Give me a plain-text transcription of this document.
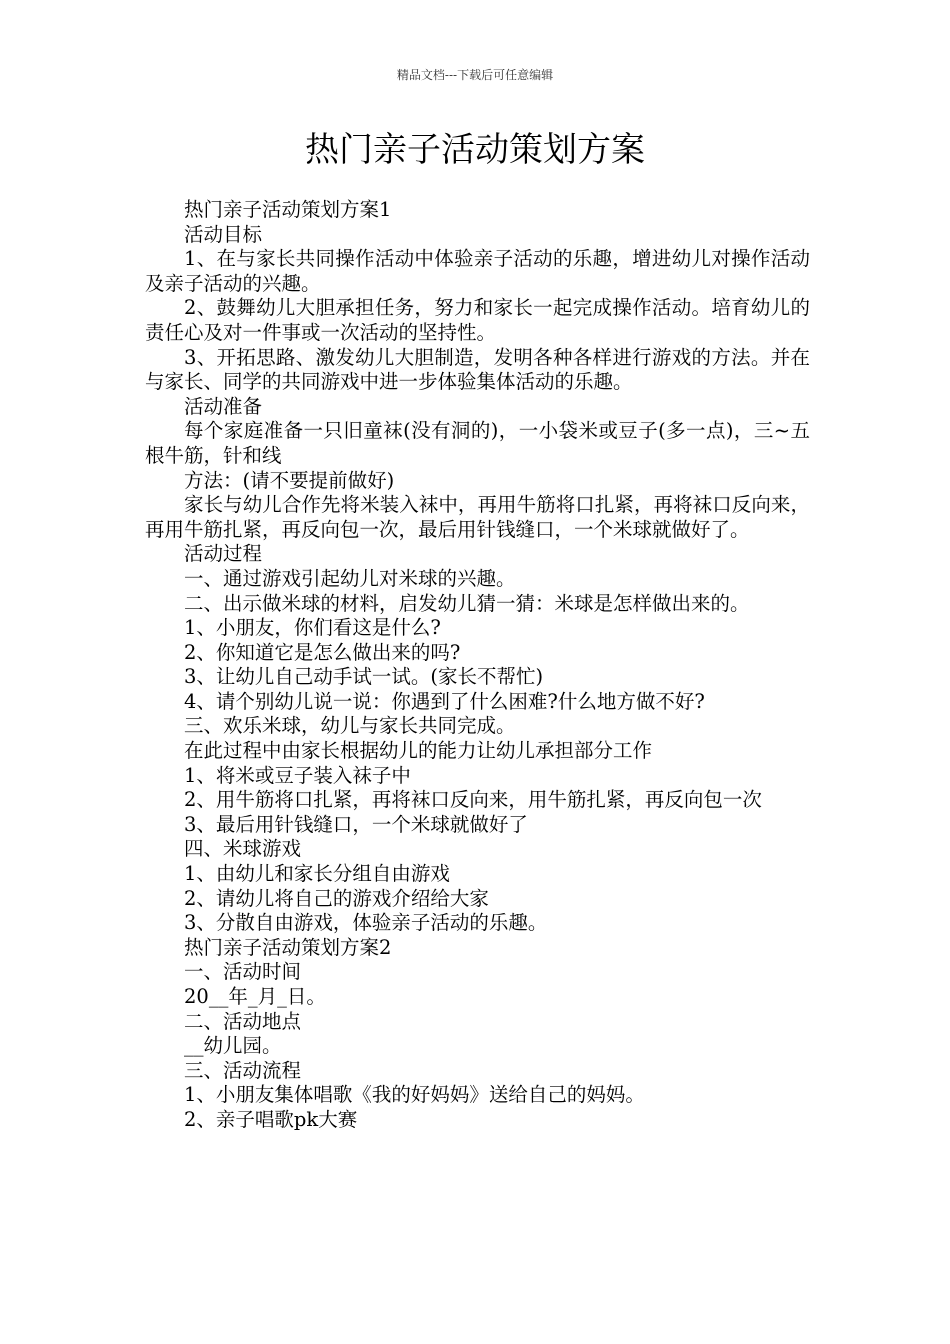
精品文档---下载后可任意编辑
热门亲子活动策划方案

热门亲子活动策划方案1

活动目标

1、在与家长共同操作活动中体验亲子活动的乐趣，增进幼儿对操作活动及亲子活动的兴趣。

2、鼓舞幼儿大胆承担任务，努力和家长一起完成操作活动。培育幼儿的责任心及对一件事或一次活动的坚持性。

3、开拓思路、激发幼儿大胆制造，发明各种各样进行游戏的方法。并在与家长、同学的共同游戏中进一步体验集体活动的乐趣。

活动准备

每个家庭准备一只旧童袜(没有洞的)，一小袋米或豆子(多一点)，三~五根牛筋，针和线

方法：(请不要提前做好)

家长与幼儿合作先将米装入袜中，再用牛筋将口扎紧，再将袜口反向来，再用牛筋扎紧，再反向包一次，最后用针钱缝口，一个米球就做好了。

活动过程

一、通过游戏引起幼儿对米球的兴趣。

二、出示做米球的材料，启发幼儿猜一猜：米球是怎样做出来的。

1、小朋友，你们看这是什么?

2、你知道它是怎么做出来的吗?

3、让幼儿自己动手试一试。(家长不帮忙)

4、请个别幼儿说一说：你遇到了什么困难?什么地方做不好?

三、欢乐米球，幼儿与家长共同完成。

在此过程中由家长根据幼儿的能力让幼儿承担部分工作

1、将米或豆子装入袜子中

2、用牛筋将口扎紧，再将袜口反向来，用牛筋扎紧，再反向包一次

3、最后用针钱缝口，一个米球就做好了

四、米球游戏

1、由幼儿和家长分组自由游戏

2、请幼儿将自己的游戏介绍给大家

3、分散自由游戏，体验亲子活动的乐趣。

热门亲子活动策划方案2

一、活动时间

20__年_月_日。

二、活动地点

__幼儿园。

三、活动流程

1、小朋友集体唱歌《我的好妈妈》送给自己的妈妈。

2、亲子唱歌pk大赛
